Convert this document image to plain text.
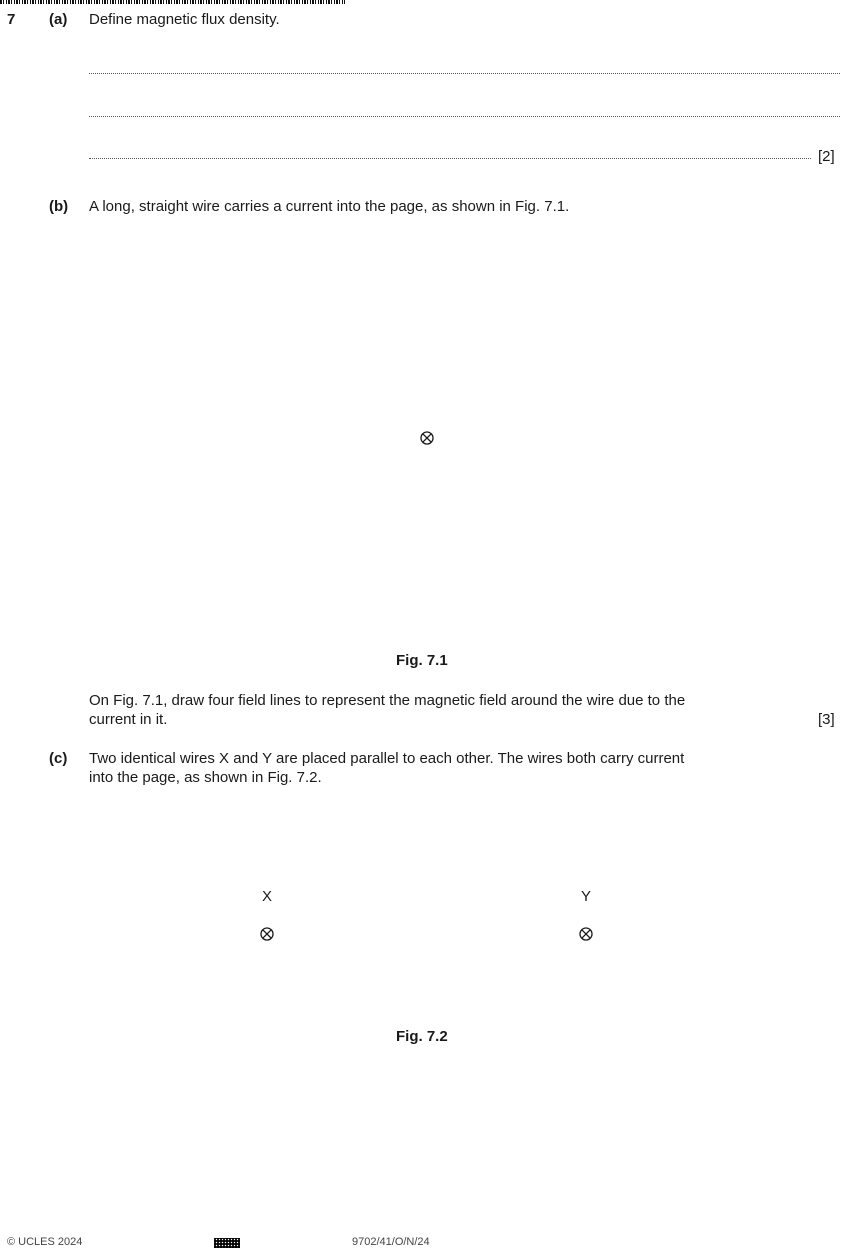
7 (a) Define magnetic flux density.
[2]
(b) A long, straight wire carries a current into the page, as shown in Fig. 7.1.
Fig. 7.1
On Fig. 7.1, draw four field lines to represent the magnetic field around the wire due to the
current in it.	[3]
(c) Two identical wires X and Y are placed parallel to each other. The wires both carry current
into the page, as shown in Fig. 7.2.
X	Y
Fig. 7.2
© UCLES 2024	9702/41/O/N/24
